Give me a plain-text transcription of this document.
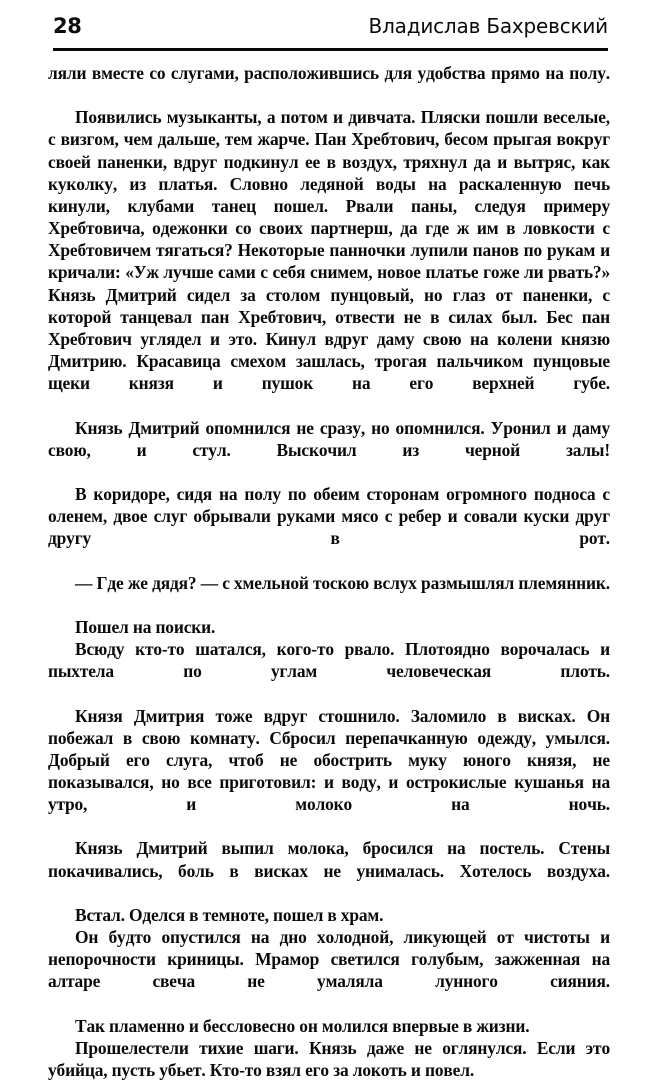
28	Владислав Бахревский

ляли вместе со слугами, расположившись для удобства прямо на полу.

Появились музыканты, а потом и дивчата. Пляски пошли веселые, с визгом, чем дальше, тем жарче. Пан Хребтович, бесом прыгая вокруг своей паненки, вдруг подкинул ее в воздух, тряхнул да и вытряс, как куколку, из платья. Словно ледяной воды на раскаленную печь кинули, клубами танец пошел. Рвали паны, следуя примеру Хребтовича, одежонки со своих партнерш, да где ж им в ловкости с Хребтовичем тягаться? Некоторые панночки лупили панов по рукам и кричали: «Уж лучше сами с себя снимем, новое платье гоже ли рвать?» Князь Дмитрий сидел за столом пунцовый, но глаз от паненки, с которой танцевал пан Хребтович, отвести не в силах был. Бес пан Хребтович углядел и это. Кинул вдруг даму свою на колени князю Дмитрию. Красавица смехом зашлась, трогая пальчиком пунцовые щеки князя и пушок на его верхней губе.

Князь Дмитрий опомнился не сразу, но опомнился. Уронил и даму свою, и стул. Выскочил из черной залы!

В коридоре, сидя на полу по обеим сторонам огромного подноса с оленем, двое слуг обрывали руками мясо с ребер и совали куски друг другу в рот.

— Где же дядя? — с хмельной тоскою вслух размышлял племянник.

Пошел на поиски.

Всюду кто-то шатался, кого-то рвало. Плотоядно ворочалась и пыхтела по углам человеческая плоть.

Князя Дмитрия тоже вдруг стошнило. Заломило в висках. Он побежал в свою комнату. Сбросил перепачканную одежду, умылся. Добрый его слуга, чтоб не обострить муку юного князя, не показывался, но все приготовил: и воду, и острокислые кушанья на утро, и молоко на ночь.

Князь Дмитрий выпил молока, бросился на постель. Стены покачивались, боль в висках не унималась. Хотелось воздуха.

Встал. Оделся в темноте, пошел в храм.

Он будто опустился на дно холодной, ликующей от чистоты и непорочности криницы. Мрамор светился голубым, зажженная на алтаре свеча не умаляла лунного сияния.

Так пламенно и бессловесно он молился впервые в жизни.

Прошелестели тихие шаги. Князь даже не оглянулся. Если это убийца, пусть убьет. Кто-то взял его за локоть и повел.
